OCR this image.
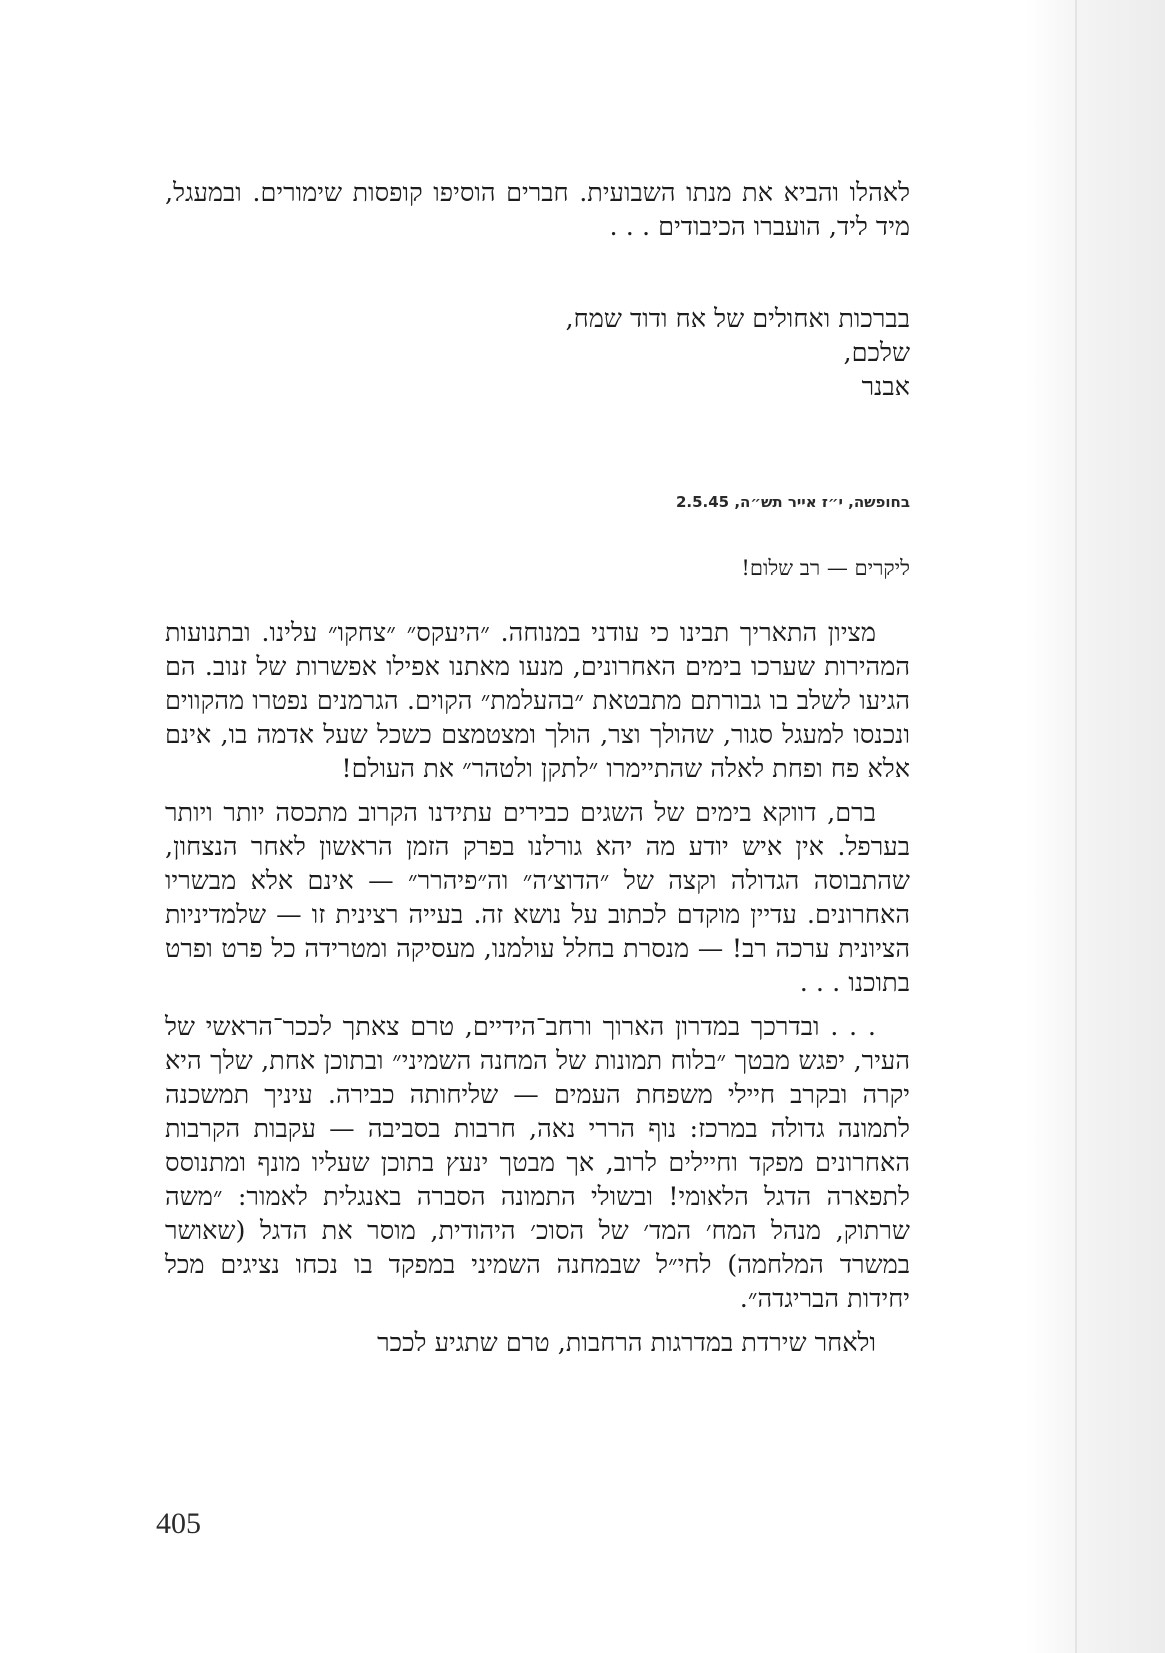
לאהלו והביא את מנתו השבועית. חברים הוסיפו קופסות שימורים. ובמעגל, מיד ליד, הועברו הכיבודים . . .

בברכות ואחולים של אח ודוד שמח,

שלכם,

אבנר

בחופשה, י״ז אייר תש״ה, 2.5.45

ליקרים — רב שלום!

מציון התאריך תבינו כי עודני במנוחה. ״היעקס״ ״צחקו״ עלינו. ובתנועות המהירות שערכו בימים האחרונים, מנעו מאתנו אפילו אפשרות של זנוב. הם הגיעו לשלב בו גבורתם מתבטאת ״בהעלמת״ הקוים. הגרמנים נפטרו מהקווים ונכנסו למעגל סגור, שהולך וצר, הולך ומצטמצם כשכל שעל אדמה בו, אינם אלא פח ופחת לאלה שהתיימרו ״לתקן ולטהר״ את העולם!

ברם, דווקא בימים של השגים כבירים עתידנו הקרוב מתכסה יותר ויותר בערפל. אין איש יודע מה יהא גורלנו בפרק הזמן הראשון לאחר הנצחון, שהתבוסה הגדולה וקצה של ״הדוצ׳ה״ וה״פיהרר״ — אינם אלא מבשריו האחרונים. עדיין מוקדם לכתוב על נושא זה. בעייה רצינית זו — שלמדיניות הציונית ערכה רב! — מנסרת בחלל עולמנו, מעסיקה ומטרידה כל פרט ופרט בתוכנו . . .

. . . ובדרכך במדרון הארוך ורחב־הידיים, טרם צאתך לככר־הראשי של העיר, יפגש מבטך ״בלוח תמונות של המחנה השמיני״ ובתוכן אחת, שלך היא יקרה ובקרב חיילי משפחת העמים — שליחותה כבירה. עיניך תמשכנה לתמונה גדולה במרכז: נוף הררי נאה, חרבות בסביבה — עקבות הקרבות האחרונים מפקד וחיילים לרוב, אך מבטך ינעץ בתוכן שעליו מונף ומתנוסס לתפארה הדגל הלאומי! ובשולי התמונה הסברה באנגלית לאמור: ״משה שרתוק, מנהל המח׳ המד׳ של הסוכ׳ היהודית, מוסר את הדגל (שאושר במשרד המלחמה) לחי״ל שבמחנה השמיני במפקד בו נכחו נציגים מכל יחידות הבריגדה״.

ולאחר שירדת במדרגות הרחבות, טרם שתגיע לככר

405
